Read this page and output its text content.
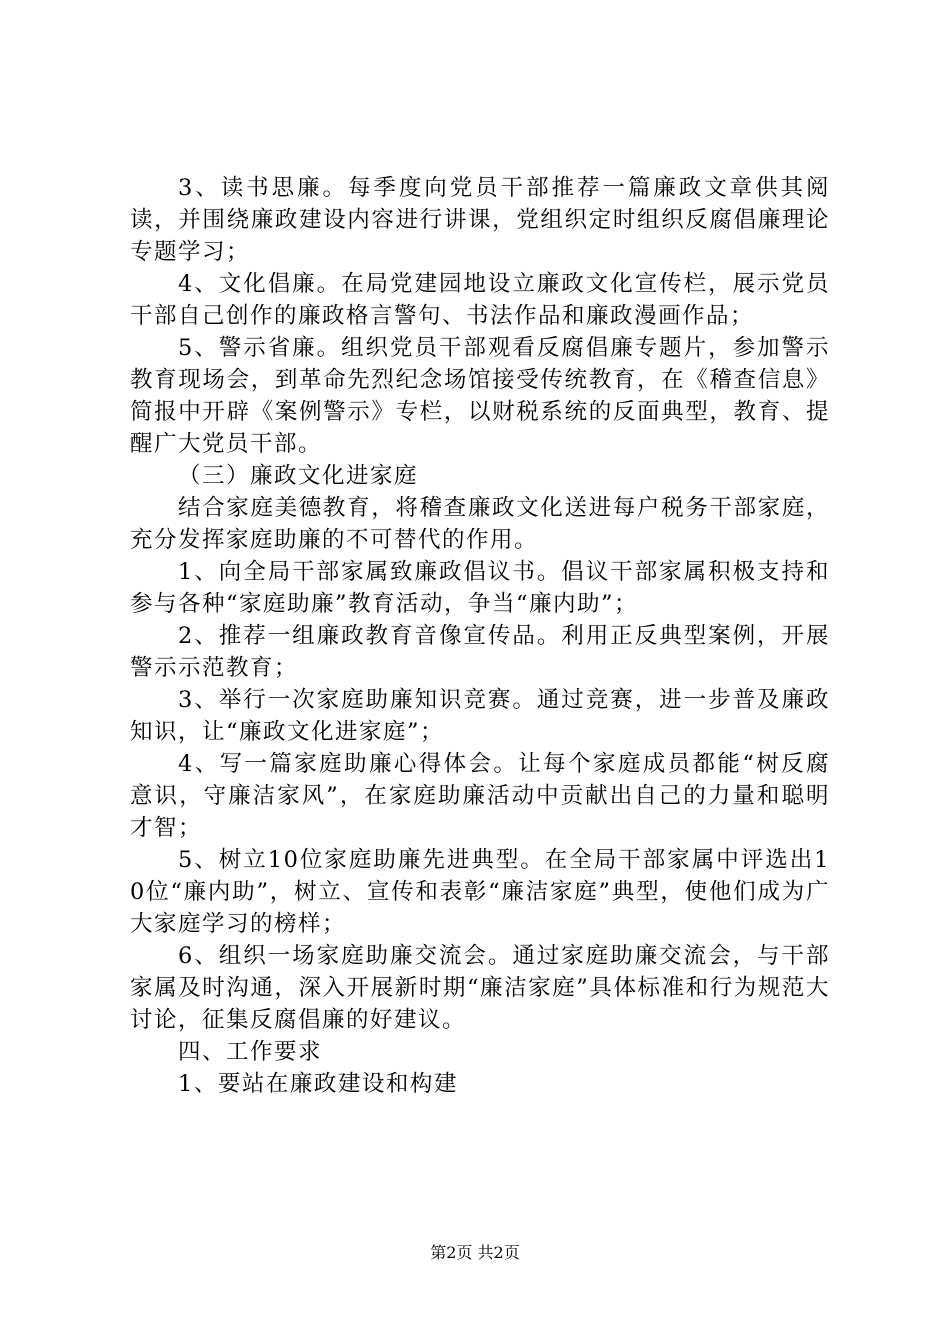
3、读书思廉。每季度向党员干部推荐一篇廉政文章供其阅读，并围绕廉政建设内容进行讲课，党组织定时组织反腐倡廉理论专题学习；

4、文化倡廉。在局党建园地设立廉政文化宣传栏，展示党员干部自己创作的廉政格言警句、书法作品和廉政漫画作品；

5、警示省廉。组织党员干部观看反腐倡廉专题片，参加警示教育现场会，到革命先烈纪念场馆接受传统教育，在《稽查信息》简报中开辟《案例警示》专栏，以财税系统的反面典型，教育、提醒广大党员干部。

（三）廉政文化进家庭

结合家庭美德教育，将稽查廉政文化送进每户税务干部家庭，充分发挥家庭助廉的不可替代的作用。

1、向全局干部家属致廉政倡议书。倡议干部家属积极支持和参与各种“家庭助廉”教育活动，争当“廉内助”；

2、推荐一组廉政教育音像宣传品。利用正反典型案例，开展警示示范教育；

3、举行一次家庭助廉知识竞赛。通过竞赛，进一步普及廉政知识，让“廉政文化进家庭”；

4、写一篇家庭助廉心得体会。让每个家庭成员都能“树反腐意识，守廉洁家风”，在家庭助廉活动中贡献出自己的力量和聪明才智；

5、树立10位家庭助廉先进典型。在全局干部家属中评选出10位“廉内助”，树立、宣传和表彰“廉洁家庭”典型，使他们成为广大家庭学习的榜样；

6、组织一场家庭助廉交流会。通过家庭助廉交流会，与干部家属及时沟通，深入开展新时期“廉洁家庭”具体标准和行为规范大讨论，征集反腐倡廉的好建议。

四、工作要求

1、要站在廉政建设和构建

第2页 共2页
